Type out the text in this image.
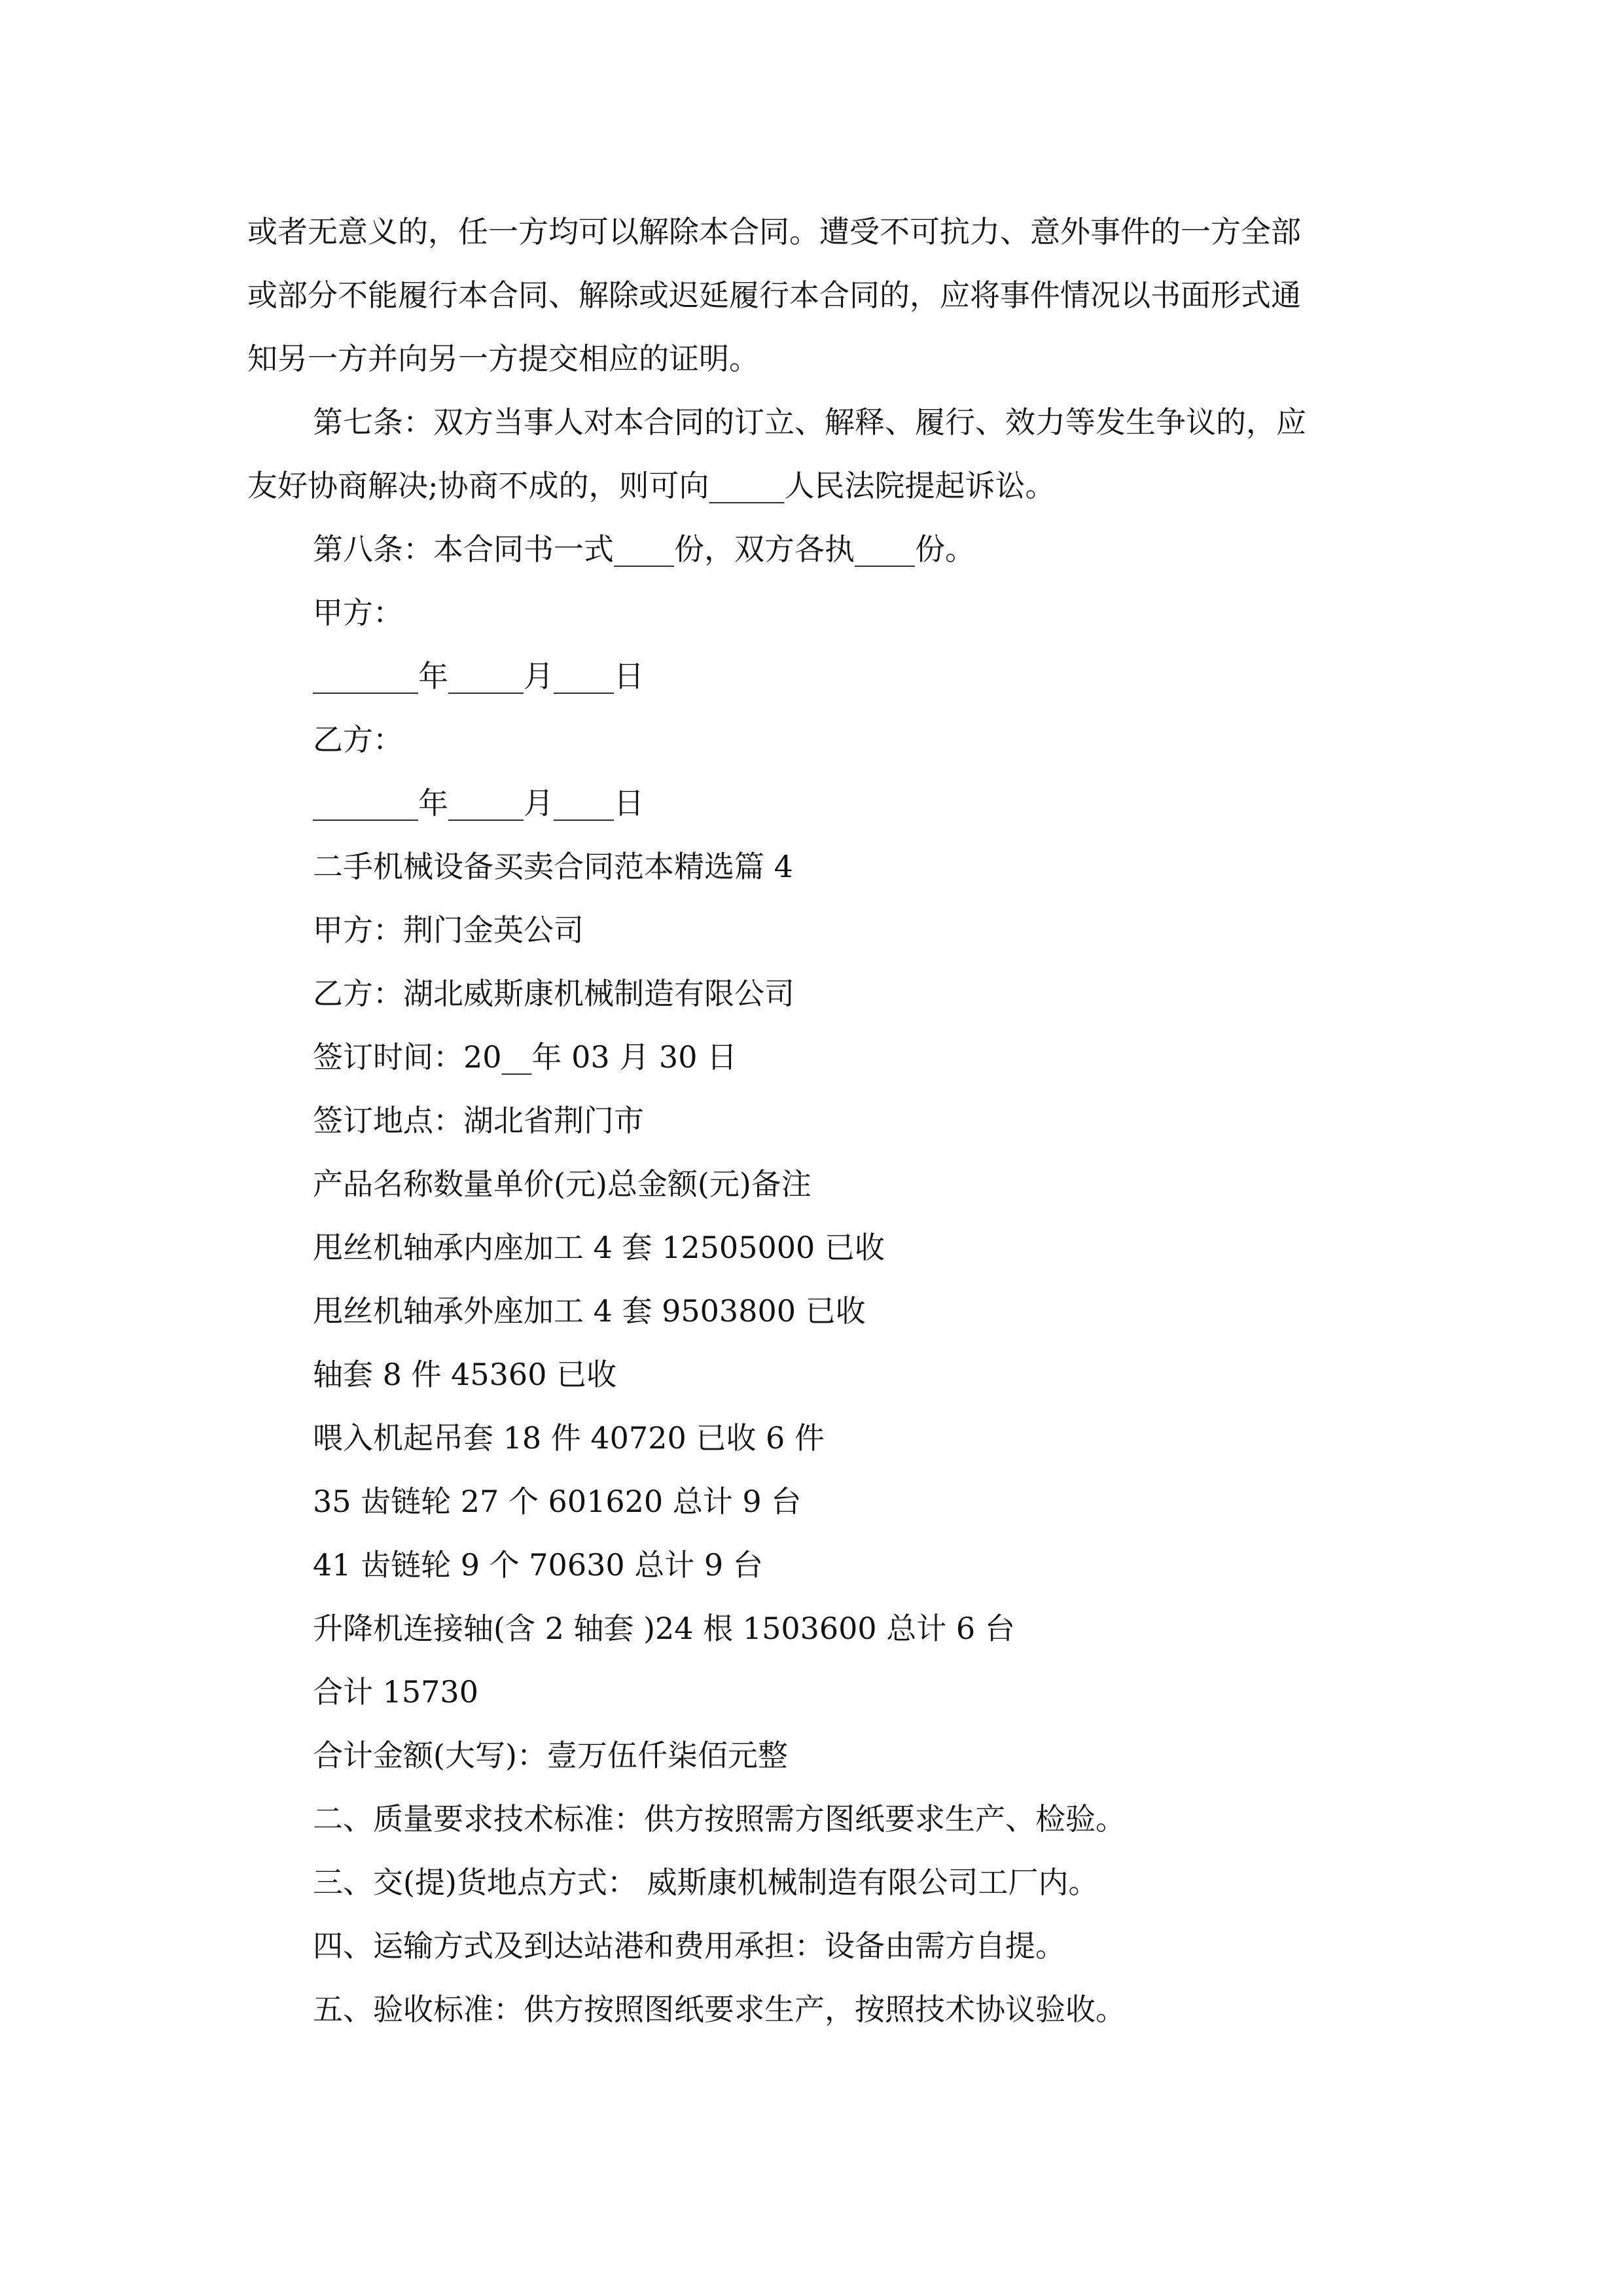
或者无意义的，任一方均可以解除本合同。遭受不可抗力、意外事件的一方全部
或部分不能履行本合同、解除或迟延履行本合同的，应将事件情况以书面形式通
知另一方并向另一方提交相应的证明。
第七条：双方当事人对本合同的订立、解释、履行、效力等发生争议的，应
友好协商解决;协商不成的，则可向_____人民法院提起诉讼。
第八条：本合同书一式____份，双方各执____份。
甲方：
_______年_____月____日
乙方：
_______年_____月____日
二手机械设备买卖合同范本精选篇 4
甲方：荆门金英公司
乙方：湖北威斯康机械制造有限公司
签订时间：20__年 03 月 30 日
签订地点：湖北省荆门市
产品名称数量单价(元)总金额(元)备注
甩丝机轴承内座加工 4 套 12505000 已收
甩丝机轴承外座加工 4 套 9503800 已收
轴套 8 件 45360 已收
喂入机起吊套 18 件 40720 已收 6 件
35 齿链轮 27 个 601620 总计 9 台
41 齿链轮 9 个 70630 总计 9 台
升降机连接轴(含 2 轴套 )24 根 1503600 总计 6 台
合计 15730
合计金额(大写)：壹万伍仟柒佰元整
二、质量要求技术标准：供方按照需方图纸要求生产、检验。
三、交(提)货地点方式： 威斯康机械制造有限公司工厂内。
四、运输方式及到达站港和费用承担：设备由需方自提。
五、验收标准：供方按照图纸要求生产，按照技术协议验收。
